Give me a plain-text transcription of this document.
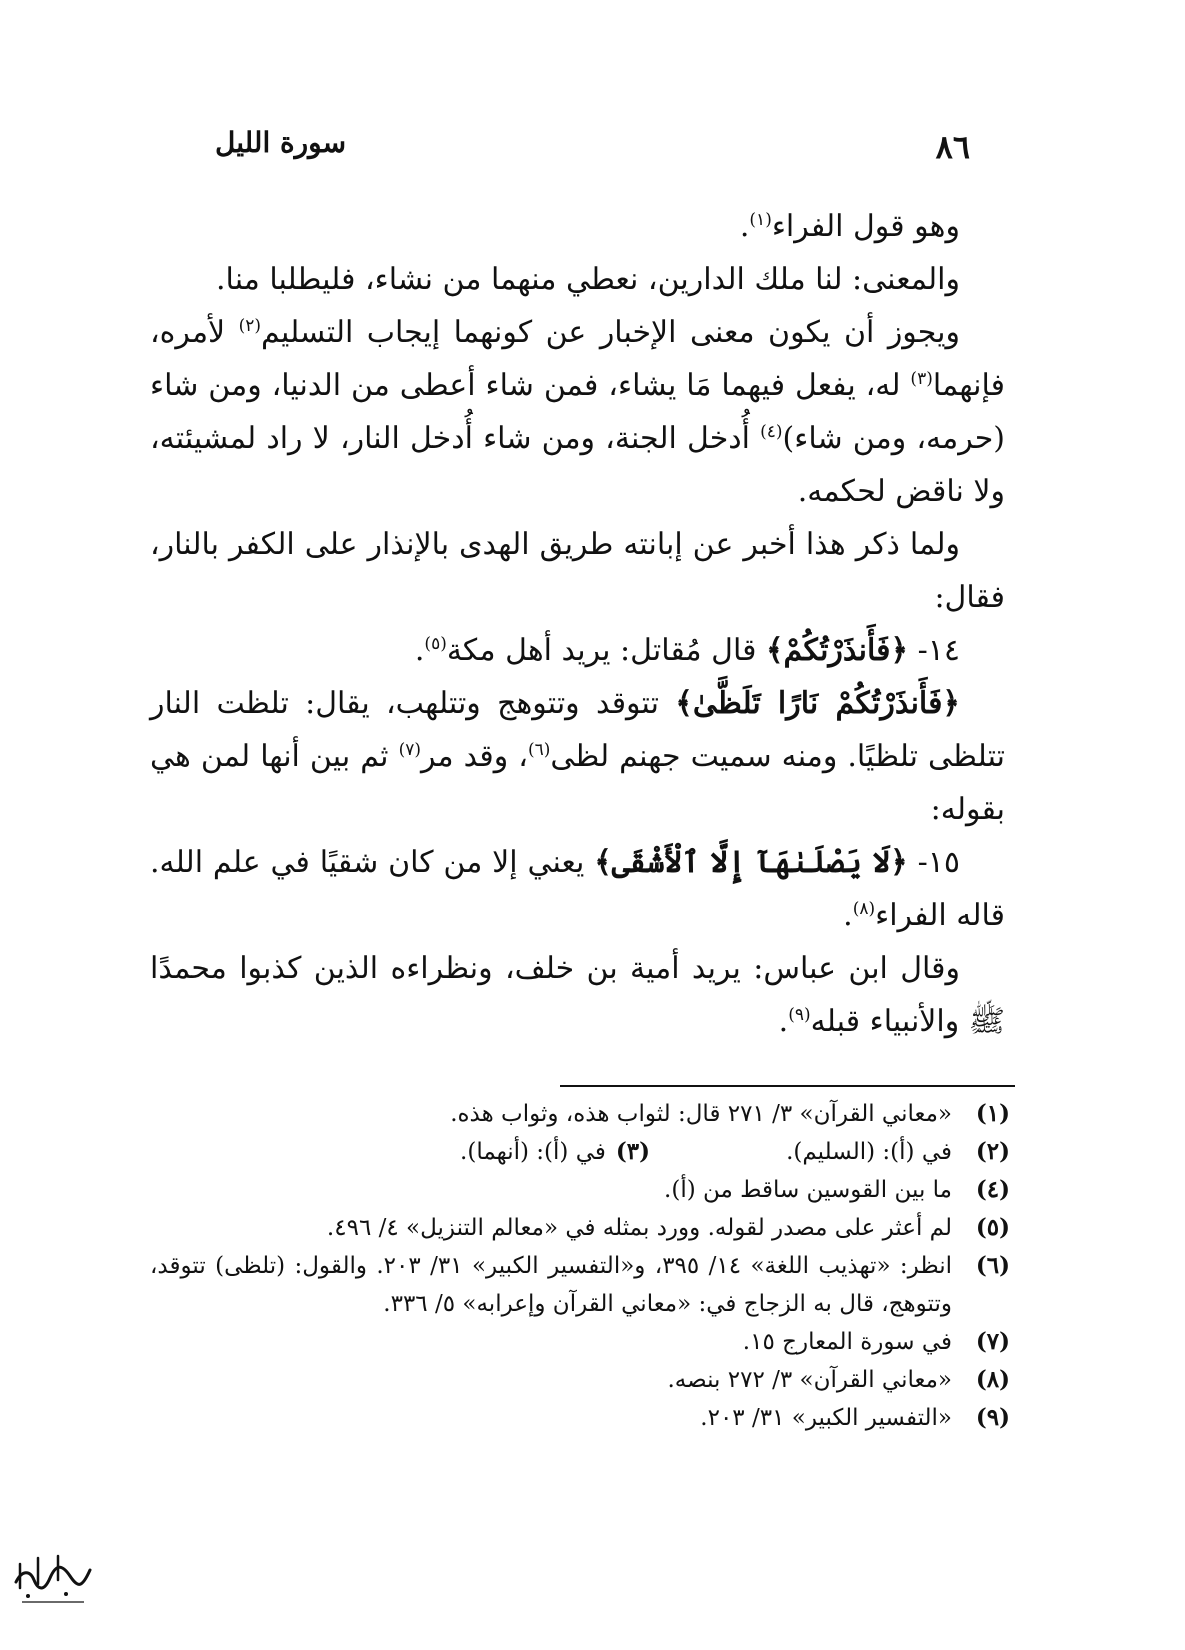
٨٦
سورة الليل

وهو قول الفراء$^{(١)}$.

والمعنى: لنا ملك الدارين، نعطي منهما من نشاء، فليطلبا منا.

ويجوز أن يكون معنى الإخبار عن كونهما إيجاب التسليم$^{(٢)}$ لأمره، فإنهما$^{(٣)}$ له، يفعل فيهما مَا يشاء، فمن شاء أعطى من الدنيا، ومن شاء (حرمه، ومن شاء)$^{(٤)}$ أُدخل الجنة، ومن شاء أُدخل النار، لا راد لمشيئته، ولا ناقض لحكمه.

ولما ذكر هذا أخبر عن إبانته طريق الهدى بالإنذار على الكفر بالنار، فقال:

١٤- ﴿فَأَنذَرْتُكُمْ﴾ قال مُقاتل: يريد أهل مكة$^{(٥)}$.

﴿فَأَنذَرْتُكُمْ نَارًا تَلَظَّىٰ﴾ تتوقد وتتوهج وتتلهب، يقال: تلظت النار تتلظى تلظيًا. ومنه سميت جهنم لظى$^{(٦)}$، وقد مر$^{(٧)}$ ثم بين أنها لمن هي بقوله:

١٥- ﴿لَا يَصْلَىٰهَآ إِلَّا ٱلْأَشْقَى﴾ يعني إلا من كان شقيًا في علم الله. قاله الفراء$^{(٨)}$.

وقال ابن عباس: يريد أمية بن خلف، ونظراءه الذين كذبوا محمدًا ﷺ والأنبياء قبله$^{(٩)}$.

(١)
«معاني القرآن» ٣/ ٢٧١ قال: لثواب هذه، وثواب هذه.
(٢)
في (أ): (السليم).
(٣)في (أ): (أنهما).
(٤)
ما بين القوسين ساقط من (أ).
(٥)
لم أعثر على مصدر لقوله. وورد بمثله في «معالم التنزيل» ٤/ ٤٩٦.
(٦)
انظر: «تهذيب اللغة» ١٤/ ٣٩٥، و«التفسير الكبير» ٣١/ ٢٠٣. والقول: (تلظى) تتوقد، وتتوهج، قال به الزجاج في: «معاني القرآن وإعرابه» ٥/ ٣٣٦.
(٧)
في سورة المعارج ١٥.
(٨)
«معاني القرآن» ٣/ ٢٧٢ بنصه.
(٩)
«التفسير الكبير» ٣١/ ٢٠٣.
